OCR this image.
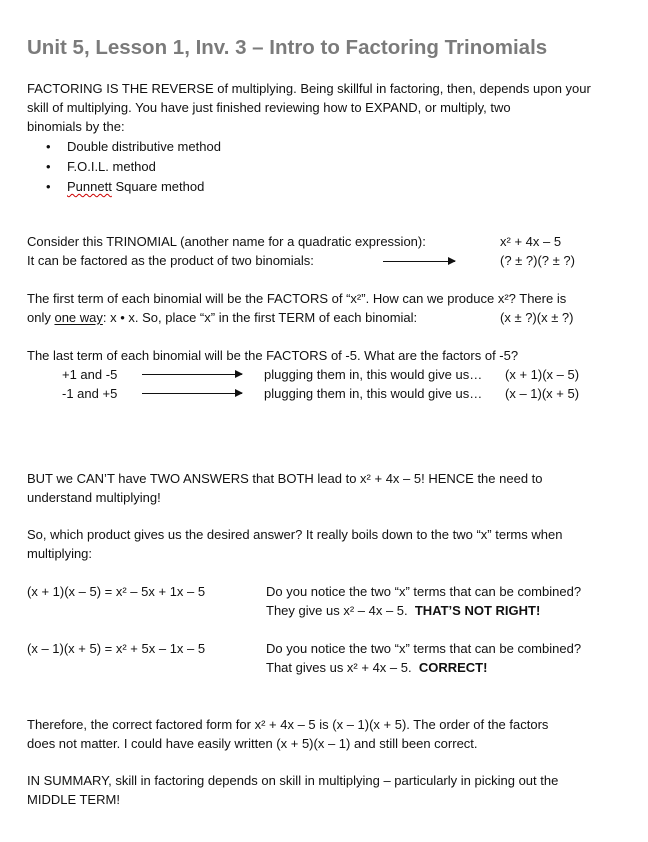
Unit 5, Lesson 1, Inv. 3 – Intro to Factoring Trinomials
FACTORING IS THE REVERSE of multiplying. Being skillful in factoring, then, depends upon your
skill of multiplying. You have just finished reviewing how to EXPAND, or multiply, two
binomials by the:
• Double distributive method
• F.O.I.L. method
• Punnett Square method
Consider this TRINOMIAL (another name for a quadratic expression):	x² + 4x – 5
It can be factored as the product of two binomials:	(? ± ?)(? ± ?)
The first term of each binomial will be the FACTORS of “x²”. How can we produce x²? There is
only one way: x • x. So, place “x” in the first TERM of each binomial:	(x ± ?)(x ± ?)
The last term of each binomial will be the FACTORS of -5. What are the factors of -5?
+1 and -5	plugging them in, this would give us… (x + 1)(x – 5)
-1 and +5	plugging them in, this would give us… (x – 1)(x + 5)
BUT we CAN’T have TWO ANSWERS that BOTH lead to x² + 4x – 5! HENCE the need to
understand multiplying!
So, which product gives us the desired answer? It really boils down to the two “x” terms when
multiplying:
(x + 1)(x – 5) = x² – 5x + 1x – 5	Do you notice the two “x” terms that can be combined?
They give us x² – 4x – 5. THAT’S NOT RIGHT!
(x – 1)(x + 5) = x² + 5x – 1x – 5	Do you notice the two “x” terms that can be combined?
That gives us x² + 4x – 5. CORRECT!
Therefore, the correct factored form for x² + 4x – 5 is (x – 1)(x + 5). The order of the factors
does not matter. I could have easily written (x + 5)(x – 1) and still been correct.
IN SUMMARY, skill in factoring depends on skill in multiplying – particularly in picking out the
MIDDLE TERM!
